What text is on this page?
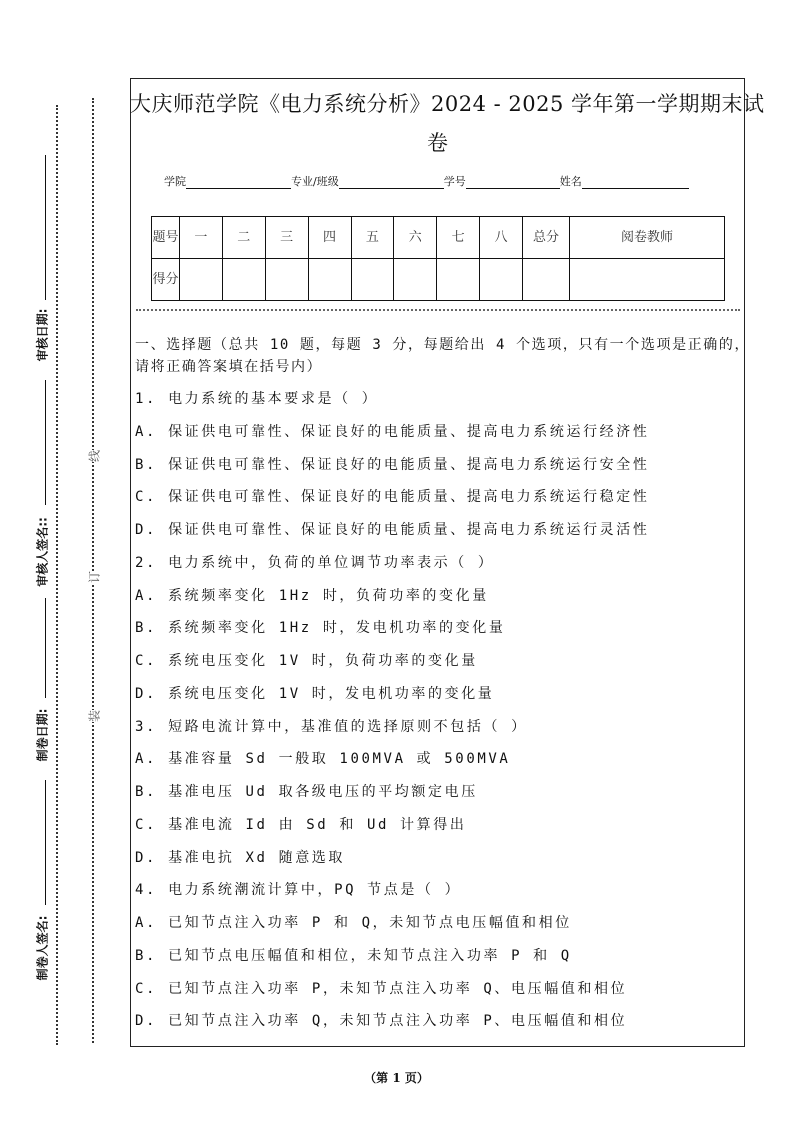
审核日期:
审核人签名::
制卷日期:
制卷人签名:
线
订
装
大庆师范学院《电力系统分析》2024 - 2025 学年第一学期期末试
卷
学院	专业/班级	学号	姓名
题号	一	二	三	四	五	六	七	八	总分	阅卷教师
得分										
一、选择题（总共 10 题，每题 3 分，每题给出 4 个选项，只有一个选项是正确的，
请将正确答案填在括号内）
1. 电力系统的基本要求是（ ）
A. 保证供电可靠性、保证良好的电能质量、提高电力系统运行经济性
B. 保证供电可靠性、保证良好的电能质量、提高电力系统运行安全性
C. 保证供电可靠性、保证良好的电能质量、提高电力系统运行稳定性
D. 保证供电可靠性、保证良好的电能质量、提高电力系统运行灵活性
2. 电力系统中，负荷的单位调节功率表示（ ）
A. 系统频率变化 1Hz 时，负荷功率的变化量
B. 系统频率变化 1Hz 时，发电机功率的变化量
C. 系统电压变化 1V 时，负荷功率的变化量
D. 系统电压变化 1V 时，发电机功率的变化量
3. 短路电流计算中，基准值的选择原则不包括（ ）
A. 基准容量 Sd 一般取 100MVA 或 500MVA
B. 基准电压 Ud 取各级电压的平均额定电压
C. 基准电流 Id 由 Sd 和 Ud 计算得出
D. 基准电抗 Xd 随意选取
4. 电力系统潮流计算中，PQ 节点是（ ）
A. 已知节点注入功率 P 和 Q，未知节点电压幅值和相位
B. 已知节点电压幅值和相位，未知节点注入功率 P 和 Q
C. 已知节点注入功率 P，未知节点注入功率 Q、电压幅值和相位
D. 已知节点注入功率 Q，未知节点注入功率 P、电压幅值和相位
（第 1 页）
